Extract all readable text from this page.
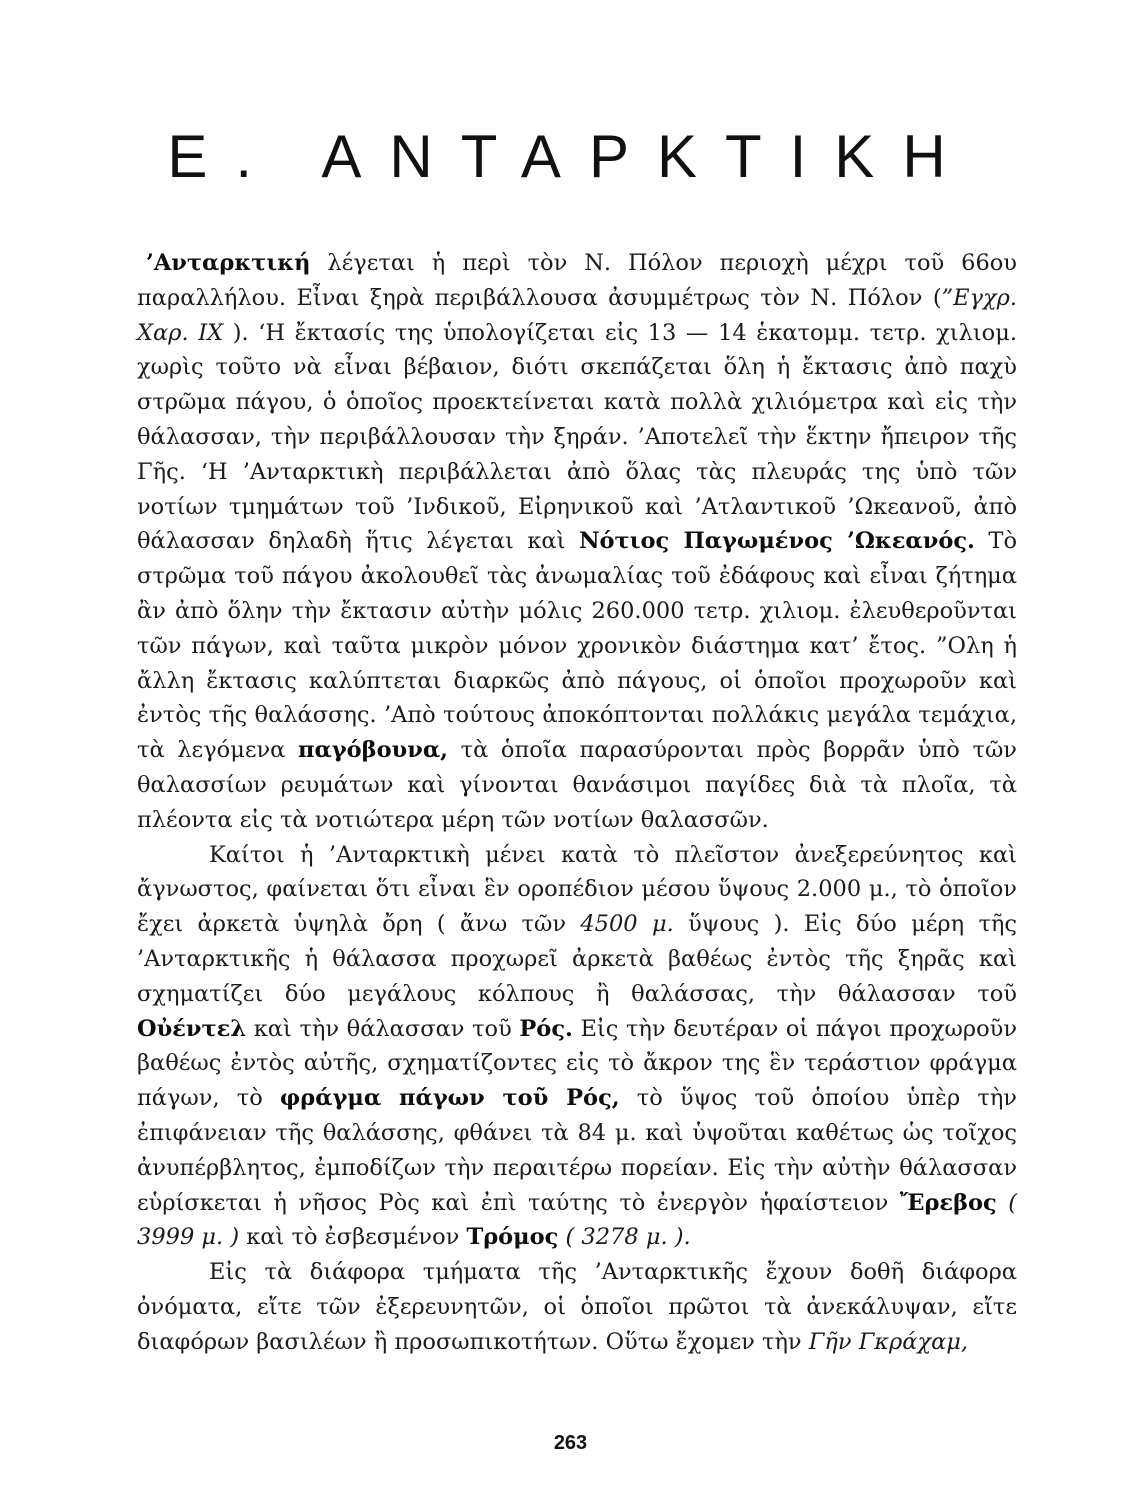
Ε. ΑΝΤΑΡΚΤΙΚΗ

’Ανταρκτική λέγεται ἡ περὶ τὸν Ν. Πόλον περιοχὴ μέχρι τοῦ 66ου παραλλήλου. Εἶναι ξηρὰ περιβάλλουσα ἀσυμμέτρως τὸν Ν. Πόλον (”Εγχρ. Χαρ. IX ). ‘Η ἔκτασίς της ὑπολογίζεται εἰς 13 — 14 ἑκατομμ. τετρ. χιλιομ. χωρὶς τοῦτο νὰ εἶναι βέβαιον, διότι σκεπάζεται ὅλη ἡ ἔκτασις ἀπὸ παχὺ στρῶμα πάγου, ὁ ὁποῖος προεκτείνεται κατὰ πολλὰ χιλιόμετρα καὶ εἰς τὴν θάλασσαν, τὴν περιβάλλουσαν τὴν ξηράν. ’Αποτελεῖ τὴν ἕκτην ἤπειρον τῆς Γῆς. ‘Η ’Ανταρκτικὴ περιβάλλεται ἀπὸ ὅλας τὰς πλευράς της ὑπὸ τῶν νοτίων τμημάτων τοῦ ’Ινδικοῦ, Εἰρηνικοῦ καὶ ’Ατλαντικοῦ ’Ωκεανοῦ, ἀπὸ θάλασσαν δηλαδὴ ἥτις λέγεται καὶ Νότιος Παγωμένος ’Ωκεανός. Τὸ στρῶμα τοῦ πάγου ἀκολουθεῖ τὰς ἀνωμαλίας τοῦ ἐδάφους καὶ εἶναι ζήτημα ἂν ἀπὸ ὅλην τὴν ἔκτασιν αὐτὴν μόλις 260.000 τετρ. χιλιομ. ἐλευθεροῦνται τῶν πάγων, καὶ ταῦτα μικρὸν μόνον χρονικὸν διάστημα κατ’ ἔτος. ”Ολη ἡ ἄλλη ἔκτασις καλύπτεται διαρκῶς ἀπὸ πάγους, οἱ ὁποῖοι προχωροῦν καὶ ἐντὸς τῆς θαλάσσης. ’Απὸ τούτους ἀποκόπτονται πολλάκις μεγάλα τεμάχια, τὰ λεγόμενα παγόβουνα, τὰ ὁποῖα παρασύρονται πρὸς βορρᾶν ὑπὸ τῶν θαλασσίων ρευμάτων καὶ γίνονται θανάσιμοι παγίδες διὰ τὰ πλοῖα, τὰ πλέοντα εἰς τὰ νοτιώτερα μέρη τῶν νοτίων θαλασσῶν.

Καίτοι ἡ ’Ανταρκτικὴ μένει κατὰ τὸ πλεῖστον ἀνεξερεύνητος καὶ ἄγνωστος, φαίνεται ὅτι εἶναι ἓν οροπέδιον μέσου ὕψους 2.000 μ., τὸ ὁποῖον ἔχει ἀρκετὰ ὑψηλὰ ὄρη ( ἄνω τῶν 4500 μ. ὕψους ). Εἰς δύο μέρη τῆς ’Ανταρκτικῆς ἡ θάλασσα προχωρεῖ ἀρκετὰ βαθέως ἐντὸς τῆς ξηρᾶς καὶ σχηματίζει δύο μεγάλους κόλπους ἢ θαλάσσας, τὴν θάλασσαν τοῦ Οὐέντελ καὶ τὴν θάλασσαν τοῦ Ρός. Εἰς τὴν δευτέραν οἱ πάγοι προχωροῦν βαθέως ἐντὸς αὐτῆς, σχηματίζοντες εἰς τὸ ἄκρον της ἓν τεράστιον φράγμα πάγων, τὸ φράγμα πάγων τοῦ Ρός, τὸ ὕψος τοῦ ὁποίου ὑπὲρ τὴν ἐπιφάνειαν τῆς θαλάσσης, φθάνει τὰ 84 μ. καὶ ὑψοῦται καθέτως ὡς τοῖχος ἀνυπέρβλητος, ἐμποδίζων τὴν περαιτέρω πορείαν. Εἰς τὴν αὐτὴν θάλασσαν εὑρίσκεται ἡ νῆσος Ρὸς καὶ ἐπὶ ταύτης τὸ ἐνεργὸν ἡφαίστειον Ἔρεβος ( 3999 μ. ) καὶ τὸ ἐσβεσμένον Τρόμος ( 3278 μ. ).

Εἰς τὰ διάφορα τμήματα τῆς ’Ανταρκτικῆς ἔχουν δοθῆ διάφορα ὀνόματα, εἴτε τῶν ἐξερευνητῶν, οἱ ὁποῖοι πρῶτοι τὰ ἀνεκάλυψαν, εἴτε διαφόρων βασιλέων ἢ προσωπικοτήτων. Οὕτω ἔχομεν τὴν Γῆν Γκράχαμ,

263
